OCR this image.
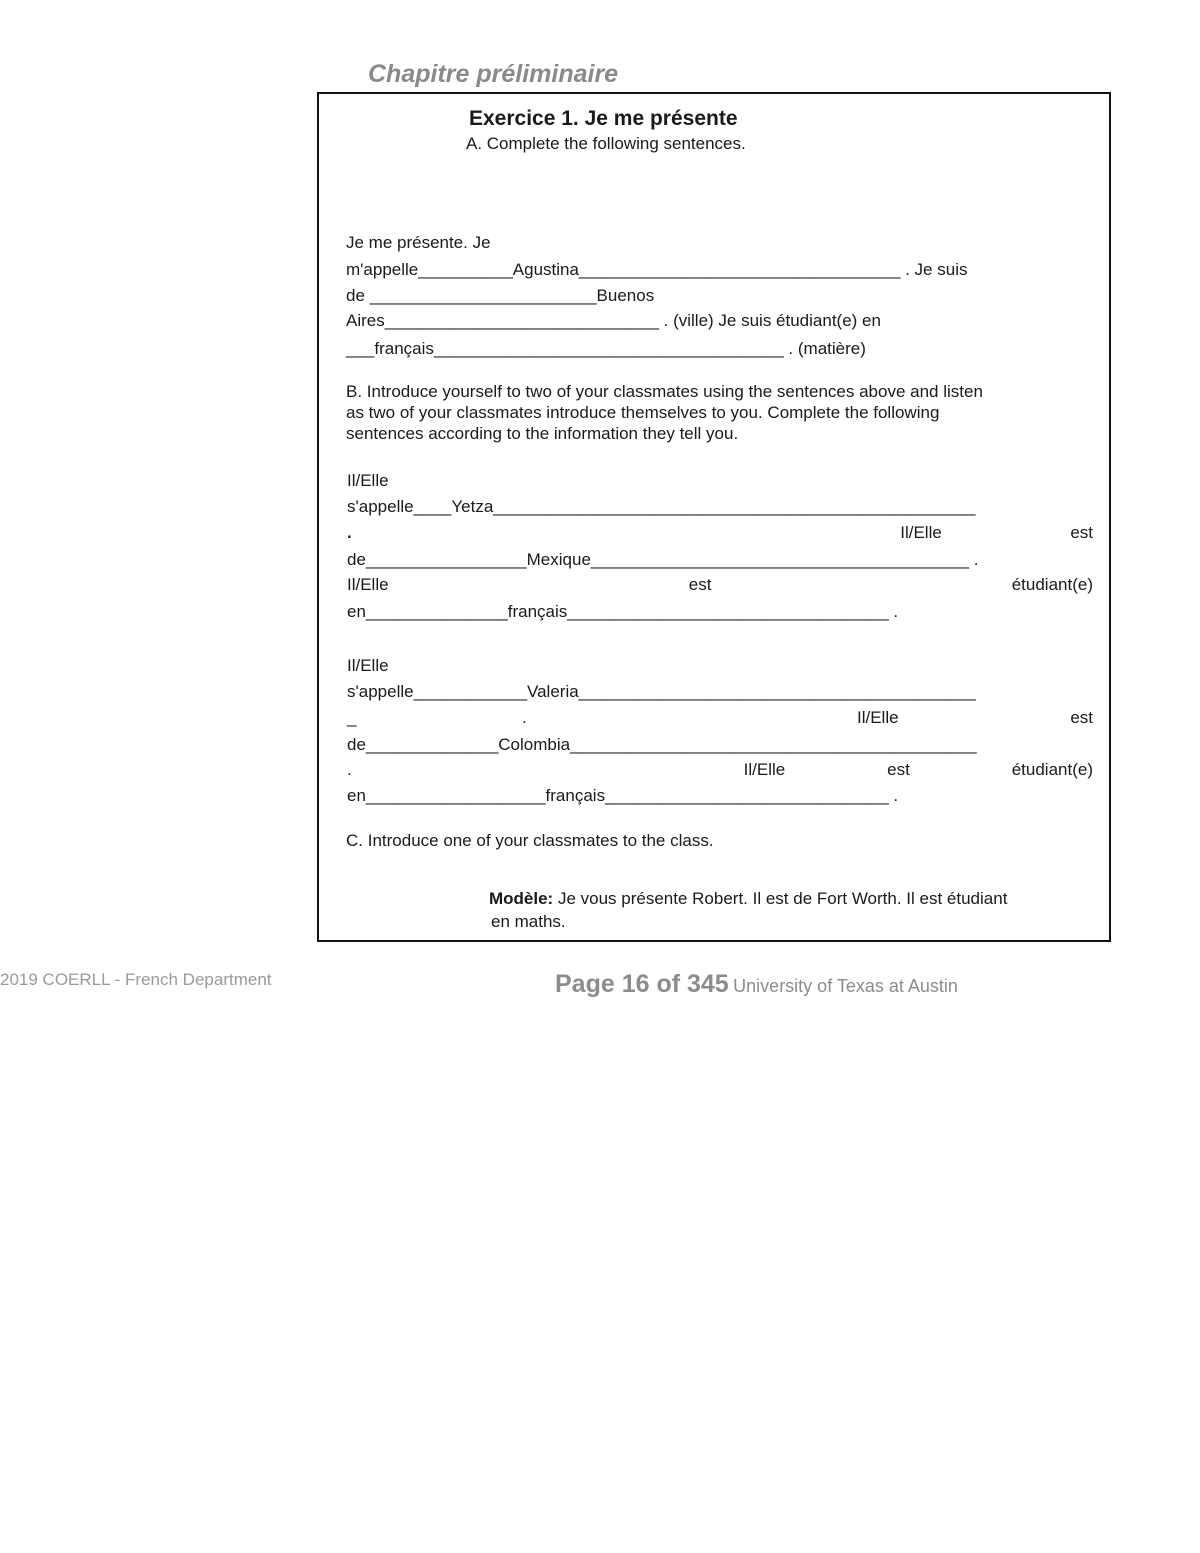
Chapitre préliminaire
Exercice 1. Je me présente
A. Complete the following sentences.
Je me présente. Je
m'appelle__________Agustina__________________________________ . Je suis
de ________________________Buenos
Aires_____________________________ . (ville) Je suis étudiant(e) en
___français_____________________________________ . (matière)
B. Introduce yourself to two of your classmates using the sentences above and listen
as two of your classmates introduce themselves to you. Complete the following
sentences according to the information they tell you.
Il/Elle
s'appelle____Yetza___________________________________________________
.	Il/Elle	est
de_________________Mexique________________________________________ .
Il/Elle	est	étudiant(e)
en_______________français__________________________________ .
Il/Elle
s'appelle____________Valeria__________________________________________
_	.	Il/Elle	est
de______________Colombia___________________________________________
.	Il/Elle	est	étudiant(e)
en___________________français______________________________ .
C. Introduce one of your classmates to the class.
Modèle: Je vous présente Robert. Il est de Fort Worth. Il est étudiant
en maths.
2019 COERLL - French Department	Page 16 of 345 University of Texas at Austin
